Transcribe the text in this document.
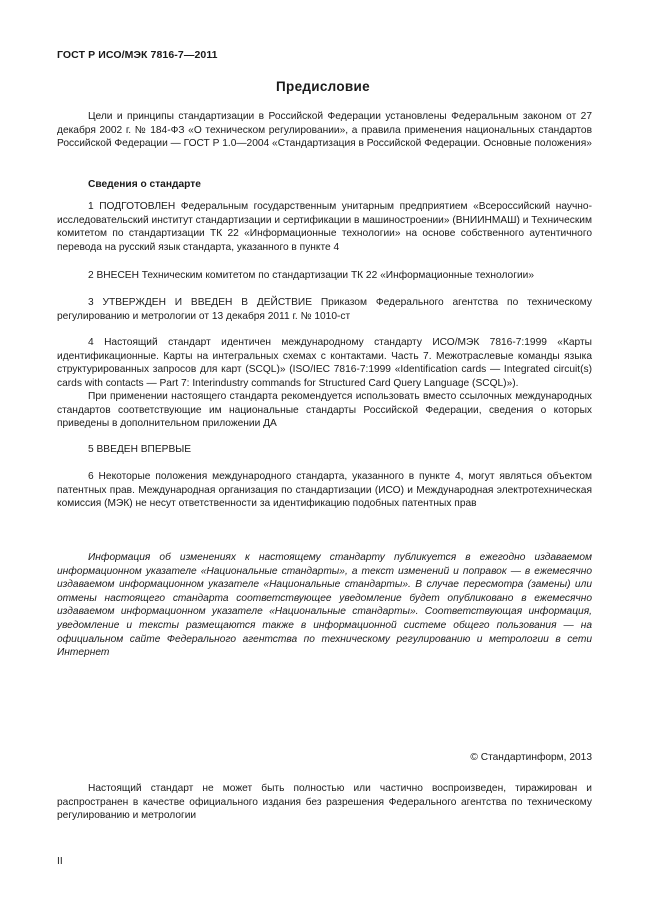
ГОСТ Р ИСО/МЭК 7816-7—2011
Предисловие

Цели и принципы стандартизации в Российской Федерации установлены Федеральным законом от 27 декабря 2002 г. № 184-ФЗ «О техническом регулировании», а правила применения национальных стандартов Российской Федерации — ГОСТ Р 1.0—2004 «Стандартизация в Российской Федерации. Основные положения»

Сведения о стандарте

1 ПОДГОТОВЛЕН Федеральным государственным унитарным предприятием «Всероссийский научно-исследовательский институт стандартизации и сертификации в машиностроении» (ВНИИНМАШ) и Техническим комитетом по стандартизации ТК 22 «Информационные технологии» на основе собственного аутентичного перевода на русский язык стандарта, указанного в пункте 4

2 ВНЕСЕН Техническим комитетом по стандартизации ТК 22 «Информационные технологии»

3 УТВЕРЖДЕН И ВВЕДЕН В ДЕЙСТВИЕ Приказом Федерального агентства по техническому регулированию и метрологии от 13 декабря 2011 г. № 1010-ст

4 Настоящий стандарт идентичен международному стандарту ИСО/МЭК 7816-7:1999 «Карты идентификационные. Карты на интегральных схемах с контактами. Часть 7. Межотраслевые команды языка структурированных запросов для карт (SCQL)» (ISO/IEC 7816-7:1999 «Identification cards — Integrated circuit(s) cards with contacts — Part 7: Interindustry commands for Structured Card Query Language (SCQL)»).

При применении настоящего стандарта рекомендуется использовать вместо ссылочных международных стандартов соответствующие им национальные стандарты Российской Федерации, сведения о которых приведены в дополнительном приложении ДА

5 ВВЕДЕН ВПЕРВЫЕ

6 Некоторые положения международного стандарта, указанного в пункте 4, могут являться объектом патентных прав. Международная организация по стандартизации (ИСО) и Международная электротехническая комиссия (МЭК) не несут ответственности за идентификацию подобных патентных прав

Информация об изменениях к настоящему стандарту публикуется в ежегодно издаваемом информационном указателе «Национальные стандарты», а текст изменений и поправок — в ежемесячно издаваемом информационном указателе «Национальные стандарты». В случае пересмотра (замены) или отмены настоящего стандарта соответствующее уведомление будет опубликовано в ежемесячно издаваемом информационном указателе «Национальные стандарты». Соответствующая информация, уведомление и тексты размещаются также в информационной системе общего пользования — на официальном сайте Федерального агентства по техническому регулированию и метрологии в сети Интернет

© Стандартинформ, 2013

Настоящий стандарт не может быть полностью или частично воспроизведен, тиражирован и распространен в качестве официального издания без разрешения Федерального агентства по техническому регулированию и метрологии

II
